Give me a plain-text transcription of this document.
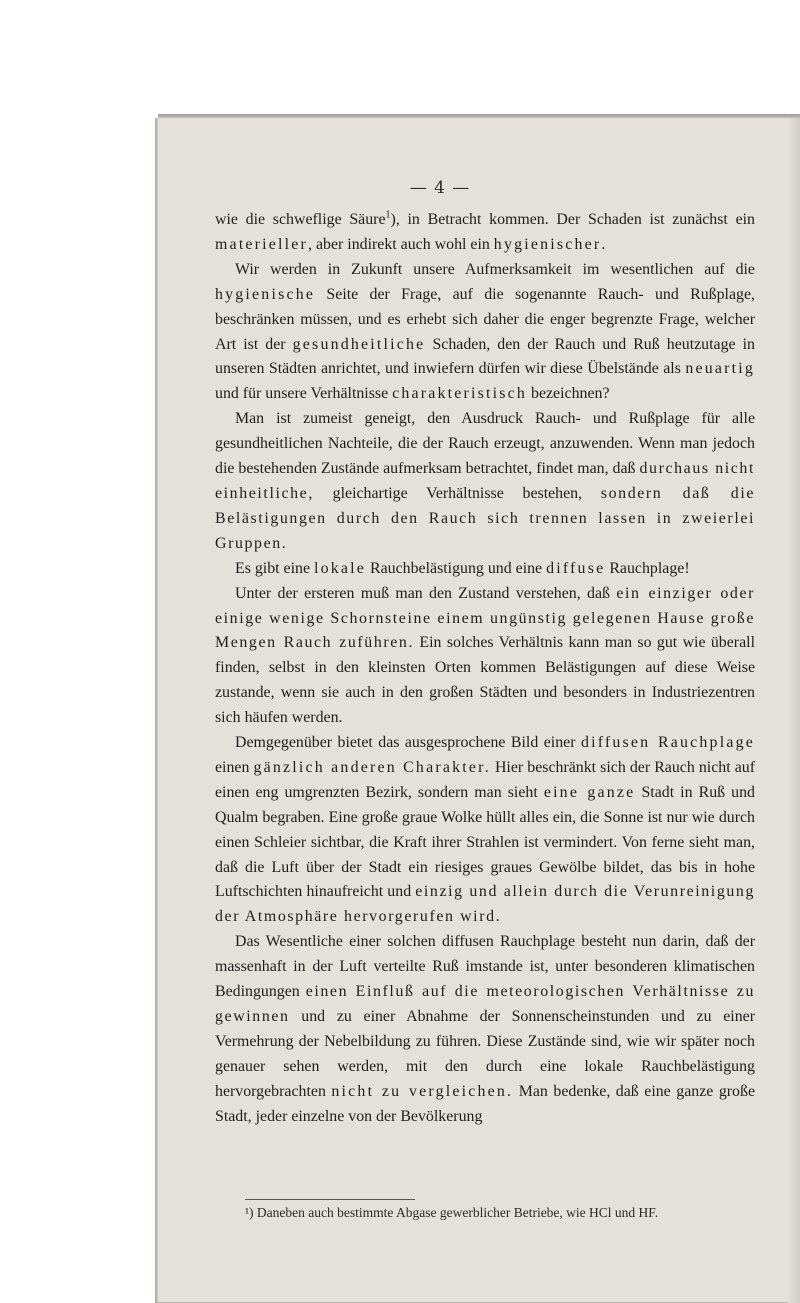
— 4 —

wie die schweflige Säure$^1$), in Betracht kommen. Der Schaden ist zunächst ein materieller, aber indirekt auch wohl ein hygienischer.

Wir werden in Zukunft unsere Aufmerksamkeit im wesentlichen auf die hygienische Seite der Frage, auf die sogenannte Rauch- und Rußplage, beschränken müssen, und es erhebt sich daher die enger begrenzte Frage, welcher Art ist der gesundheitliche Schaden, den der Rauch und Ruß heutzutage in unseren Städten anrichtet, und inwiefern dürfen wir diese Übelstände als neuartig und für unsere Verhältnisse charakteristisch bezeichnen?

Man ist zumeist geneigt, den Ausdruck Rauch- und Rußplage für alle gesundheitlichen Nachteile, die der Rauch erzeugt, anzuwenden. Wenn man jedoch die bestehenden Zustände aufmerksam betrachtet, findet man, daß durchaus nicht einheitliche, gleichartige Verhältnisse bestehen, sondern daß die Belästigungen durch den Rauch sich trennen lassen in zweierlei Gruppen.

Es gibt eine lokale Rauchbelästigung und eine diffuse Rauchplage!

Unter der ersteren muß man den Zustand verstehen, daß ein einziger oder einige wenige Schornsteine einem ungünstig gelegenen Hause große Mengen Rauch zuführen. Ein solches Verhältnis kann man so gut wie überall finden, selbst in den kleinsten Orten kommen Belästigungen auf diese Weise zustande, wenn sie auch in den großen Städten und besonders in Industriezentren sich häufen werden.

Demgegenüber bietet das ausgesprochene Bild einer diffusen Rauchplage einen gänzlich anderen Charakter. Hier beschränkt sich der Rauch nicht auf einen eng umgrenzten Bezirk, sondern man sieht eine ganze Stadt in Ruß und Qualm begraben. Eine große graue Wolke hüllt alles ein, die Sonne ist nur wie durch einen Schleier sichtbar, die Kraft ihrer Strahlen ist vermindert. Von ferne sieht man, daß die Luft über der Stadt ein riesiges graues Gewölbe bildet, das bis in hohe Luftschichten hinaufreicht und einzig und allein durch die Verunreinigung der Atmosphäre hervorgerufen wird.

Das Wesentliche einer solchen diffusen Rauchplage besteht nun darin, daß der massenhaft in der Luft verteilte Ruß imstande ist, unter besonderen klimatischen Bedingungen einen Einfluß auf die meteorologischen Verhältnisse zu gewinnen und zu einer Abnahme der Sonnenscheinstunden und zu einer Vermehrung der Nebelbildung zu führen. Diese Zustände sind, wie wir später noch genauer sehen werden, mit den durch eine lokale Rauchbelästigung hervorgebrachten nicht zu vergleichen. Man bedenke, daß eine ganze große Stadt, jeder einzelne von der Bevölkerung

¹) Daneben auch bestimmte Abgase gewerblicher Betriebe, wie HCl und HF.
